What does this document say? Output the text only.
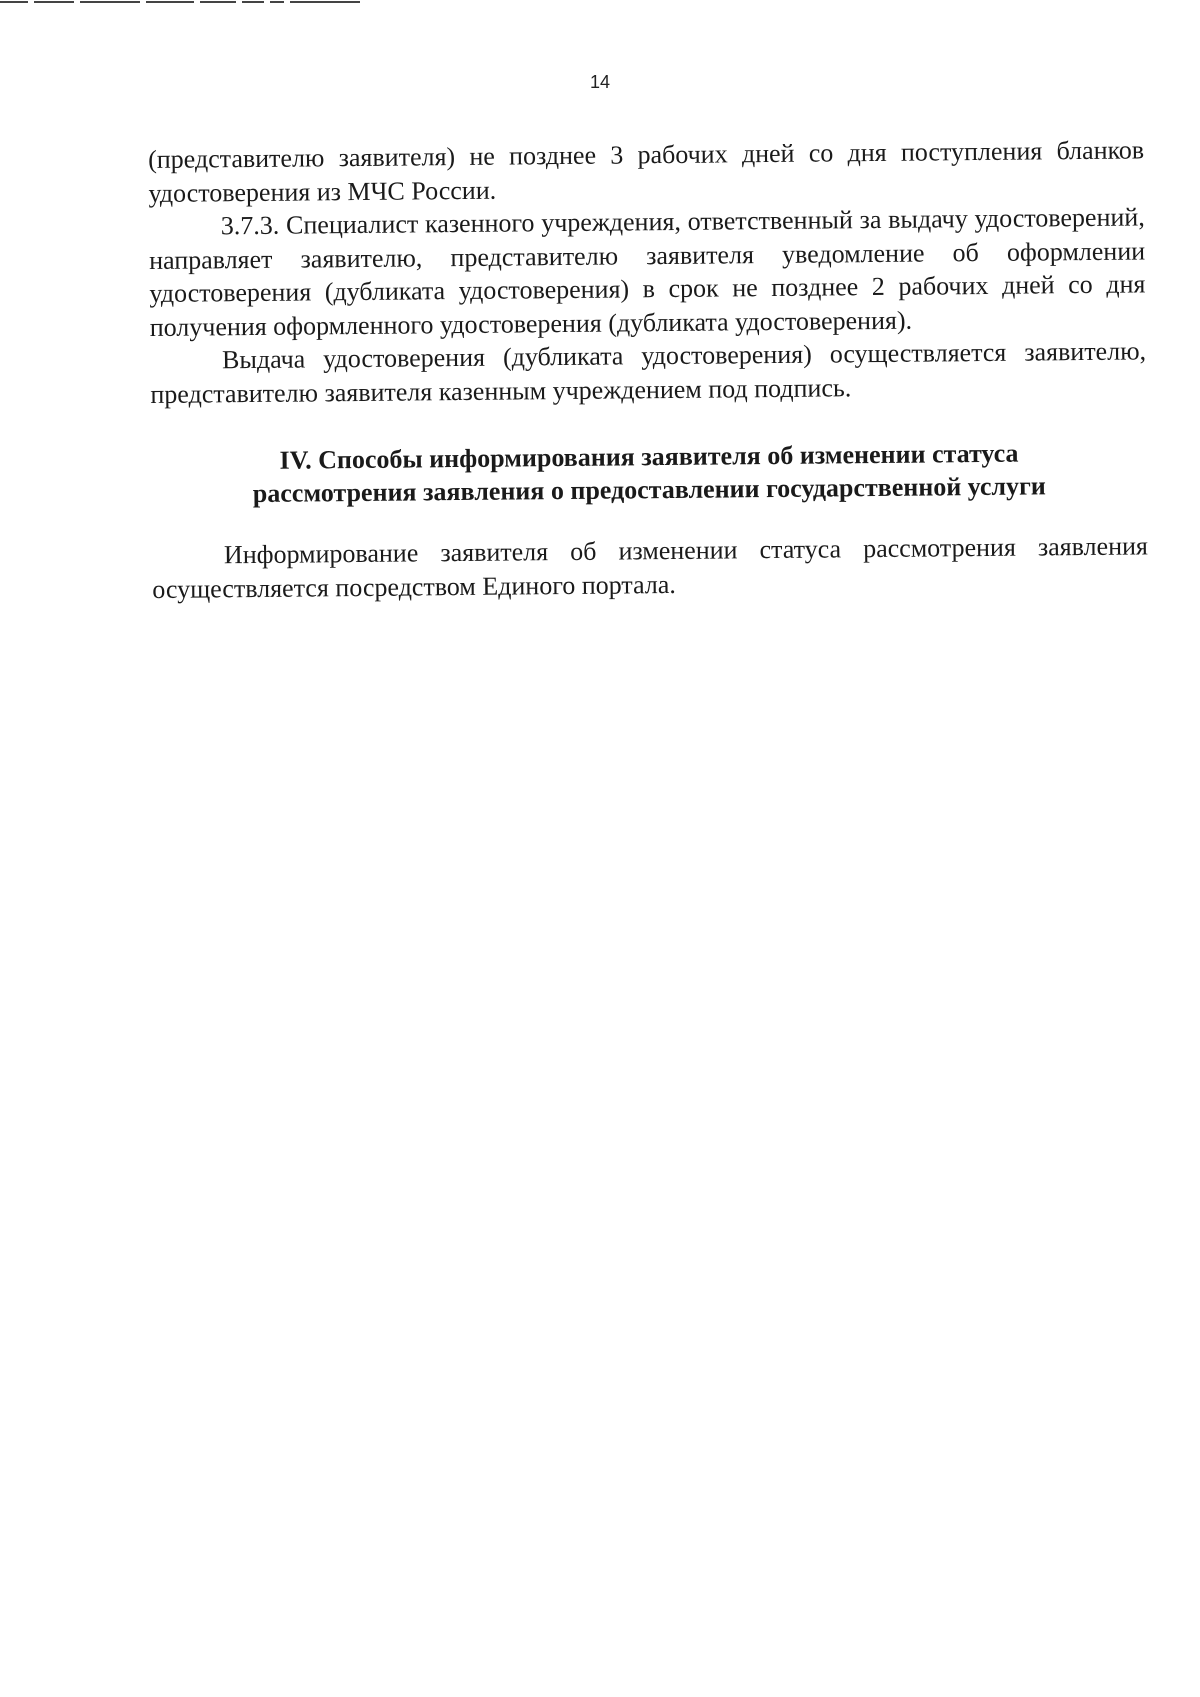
14

(представителю заявителя) не позднее 3 рабочих дней со дня поступления бланков удостоверения из МЧС России.

3.7.3. Специалист казенного учреждения, ответственный за выдачу удостоверений, направляет заявителю, представителю заявителя уведомление об оформлении удостоверения (дубликата удостоверения) в срок не позднее 2 рабочих дней со дня получения оформленного удостоверения (дубликата удостоверения).

Выдача удостоверения (дубликата удостоверения) осуществляется заявителю, представителю заявителя казенным учреждением под подпись.

IV. Способы информирования заявителя об изменении статуса
рассмотрения заявления о предоставлении государственной услуги

Информирование заявителя об изменении статуса рассмотрения заявления осуществляется посредством Единого портала.
